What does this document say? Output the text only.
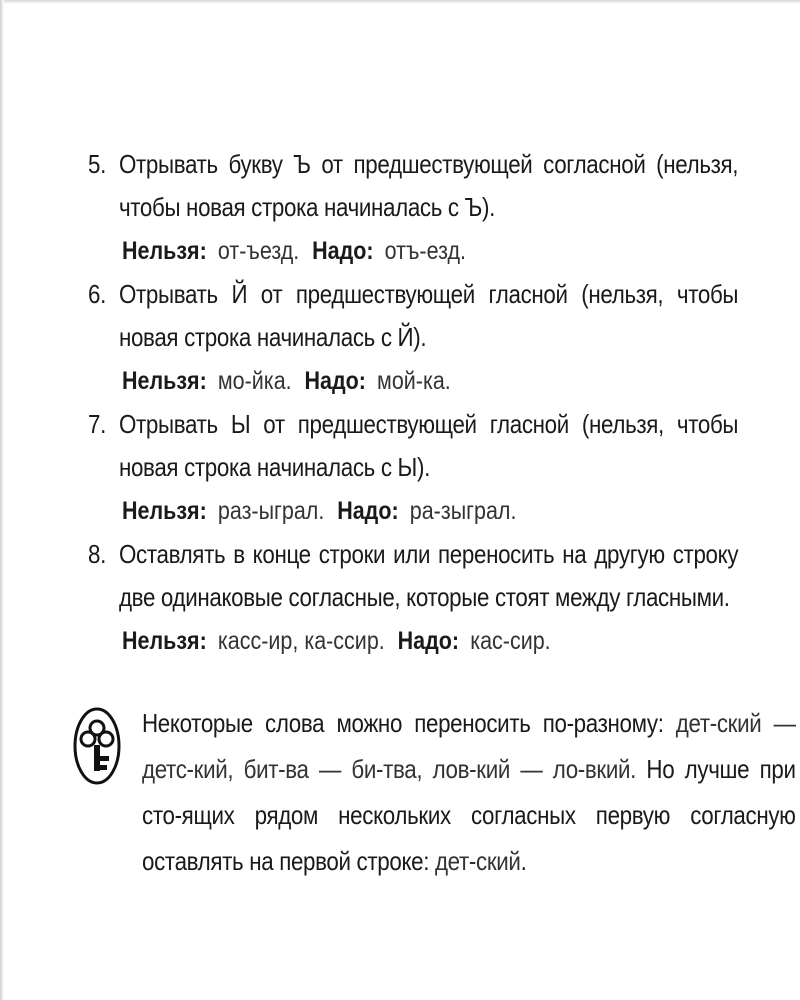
5. Отрывать букву Ъ от предшествующей согласной (нельзя, чтобы новая строка начиналась с Ъ).
Нельзя: от-ъезд. Надо: отъ-езд.
6. Отрывать Й от предшествующей гласной (нельзя, чтобы новая строка начиналась с Й).
Нельзя: мо-йка. Надо: мой-ка.
7. Отрывать Ы от предшествующей гласной (нельзя, чтобы новая строка начиналась с Ы).
Нельзя: раз-ыграл. Надо: ра-зыграл.
8. Оставлять в конце строки или переносить на другую строку две одинаковые согласные, которые стоят между гласными.
Нельзя: касс-ир, ка-ссир. Надо: кас-сир.
Некоторые слова можно переносить по-разному: дет-ский — детс-кий, бит-ва — би-тва, лов-кий — ло-вкий. Но лучше при сто-ящих рядом нескольких согласных первую согласную оставлять на первой строке: дет-ский.
